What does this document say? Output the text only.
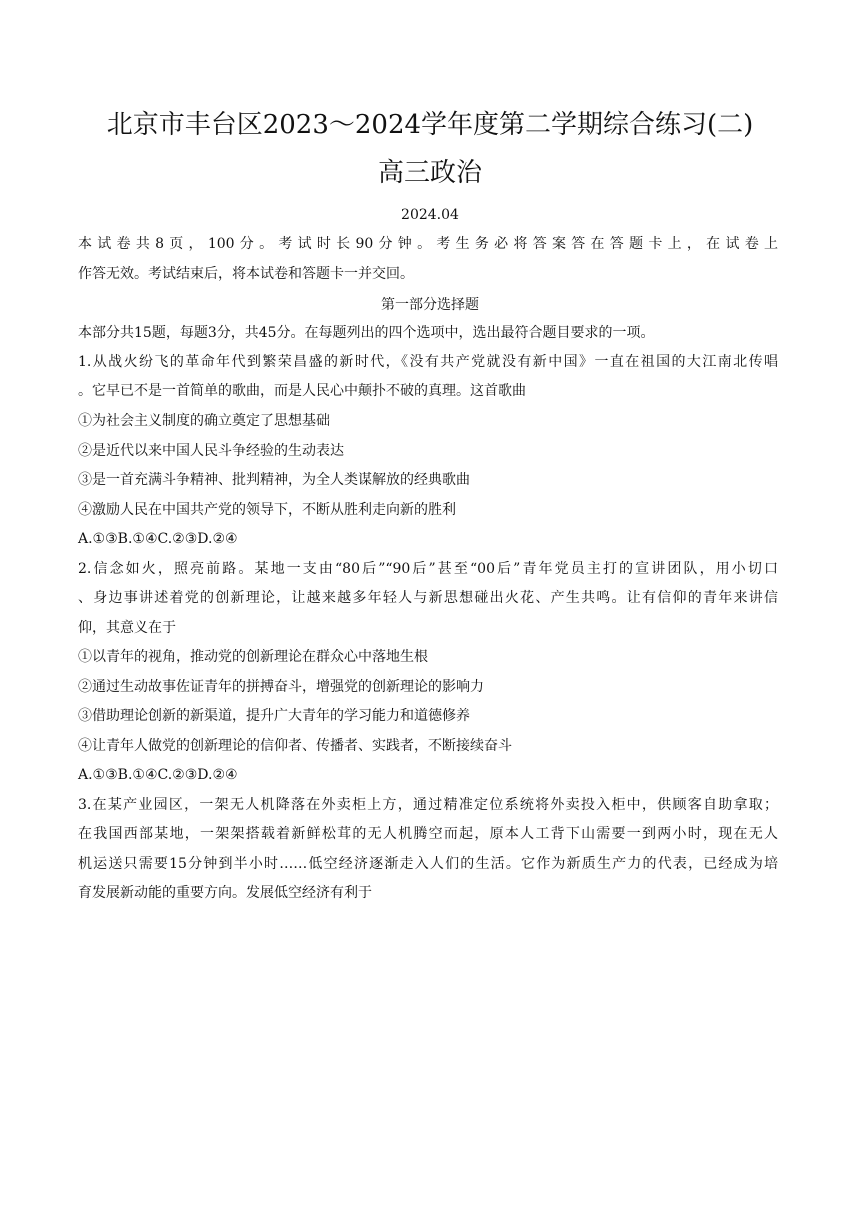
北京市丰台区2023～2024学年度第二学期综合练习(二)
高三政治
2024.04
本试卷共8页，100分。考试时长90分钟。考生务必将答案答在答题卡上，在试卷上
作答无效。考试结束后，将本试卷和答题卡一并交回。
第一部分选择题
本部分共15题，每题3分，共45分。在每题列出的四个选项中，选出最符合题目要求的一项。
1.从战火纷飞的革命年代到繁荣昌盛的新时代，《没有共产党就没有新中国》一直在祖国的大江南北传唱
。它早已不是一首简单的歌曲，而是人民心中颠扑不破的真理。这首歌曲
①为社会主义制度的确立奠定了思想基础
②是近代以来中国人民斗争经验的生动表达
③是一首充满斗争精神、批判精神，为全人类谋解放的经典歌曲
④激励人民在中国共产党的领导下，不断从胜利走向新的胜利
A.①③B.①④C.②③D.②④
2.信念如火，照亮前路。某地一支由“80后”“90后”甚至“00后”青年党员主打的宣讲团队，用小切口
、身边事讲述着党的创新理论，让越来越多年轻人与新思想碰出火花、产生共鸣。让有信仰的青年来讲信
仰，其意义在于
①以青年的视角，推动党的创新理论在群众心中落地生根
②通过生动故事佐证青年的拼搏奋斗，增强党的创新理论的影响力
③借助理论创新的新渠道，提升广大青年的学习能力和道德修养
④让青年人做党的创新理论的信仰者、传播者、实践者，不断接续奋斗
A.①③B.①④C.②③D.②④
3.在某产业园区，一架无人机降落在外卖柜上方，通过精准定位系统将外卖投入柜中，供顾客自助拿取；
在我国西部某地，一架架搭载着新鲜松茸的无人机腾空而起，原本人工背下山需要一到两小时，现在无人
机运送只需要15分钟到半小时……低空经济逐渐走入人们的生活。它作为新质生产力的代表，已经成为培
育发展新动能的重要方向。发展低空经济有利于
